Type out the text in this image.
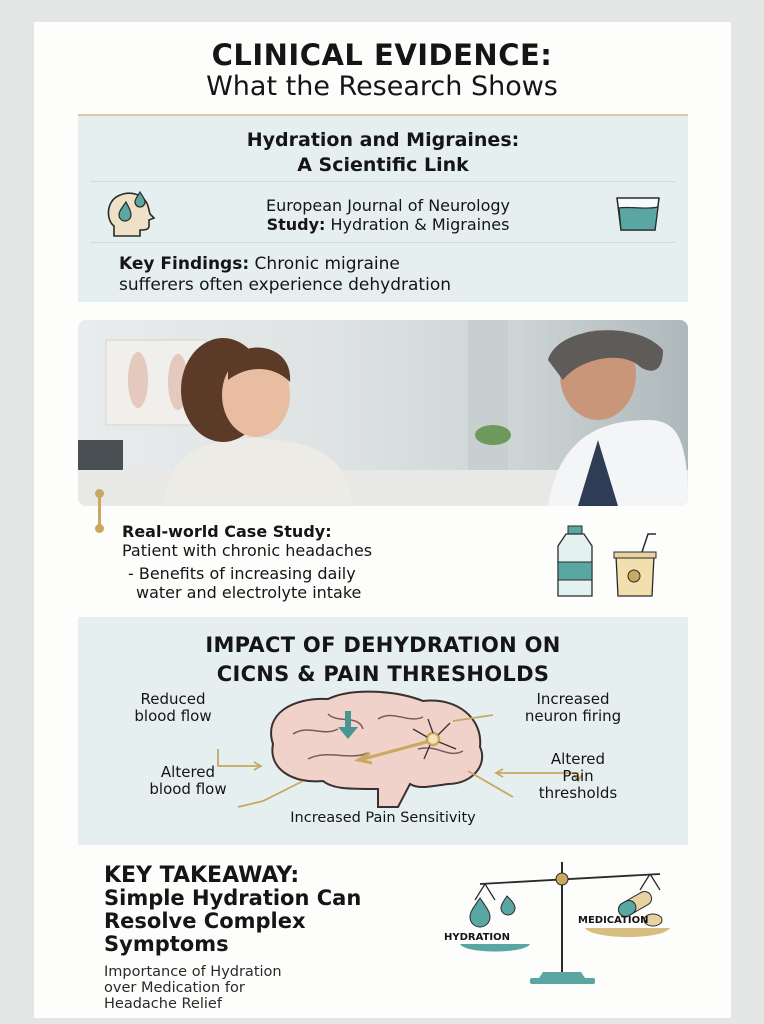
CLINICAL EVIDENCE:
What the Research Shows
Hydration and Migraines:
A Scientific Link
European Journal of Neurology
Study: Hydration & Migraines
Key Findings: Chronic migraine
sufferers often experience dehydration
Real-world Case Study:
Patient with chronic headaches
- Benefits of increasing daily
water and electrolyte intake
IMPACT OF DEHYDRATION ON
CICNS & PAIN THRESHOLDS
Reduced
blood flow
Altered
blood flow
Increased
neuron firing
Altered
Pain
thresholds
Increased Pain Sensitivity
KEY TAKEAWAY:
Simple Hydration Can
Resolve Complex
Symptoms
Importance of Hydration
over Medication for
Headache Relief
HYDRATION
MEDICATION
